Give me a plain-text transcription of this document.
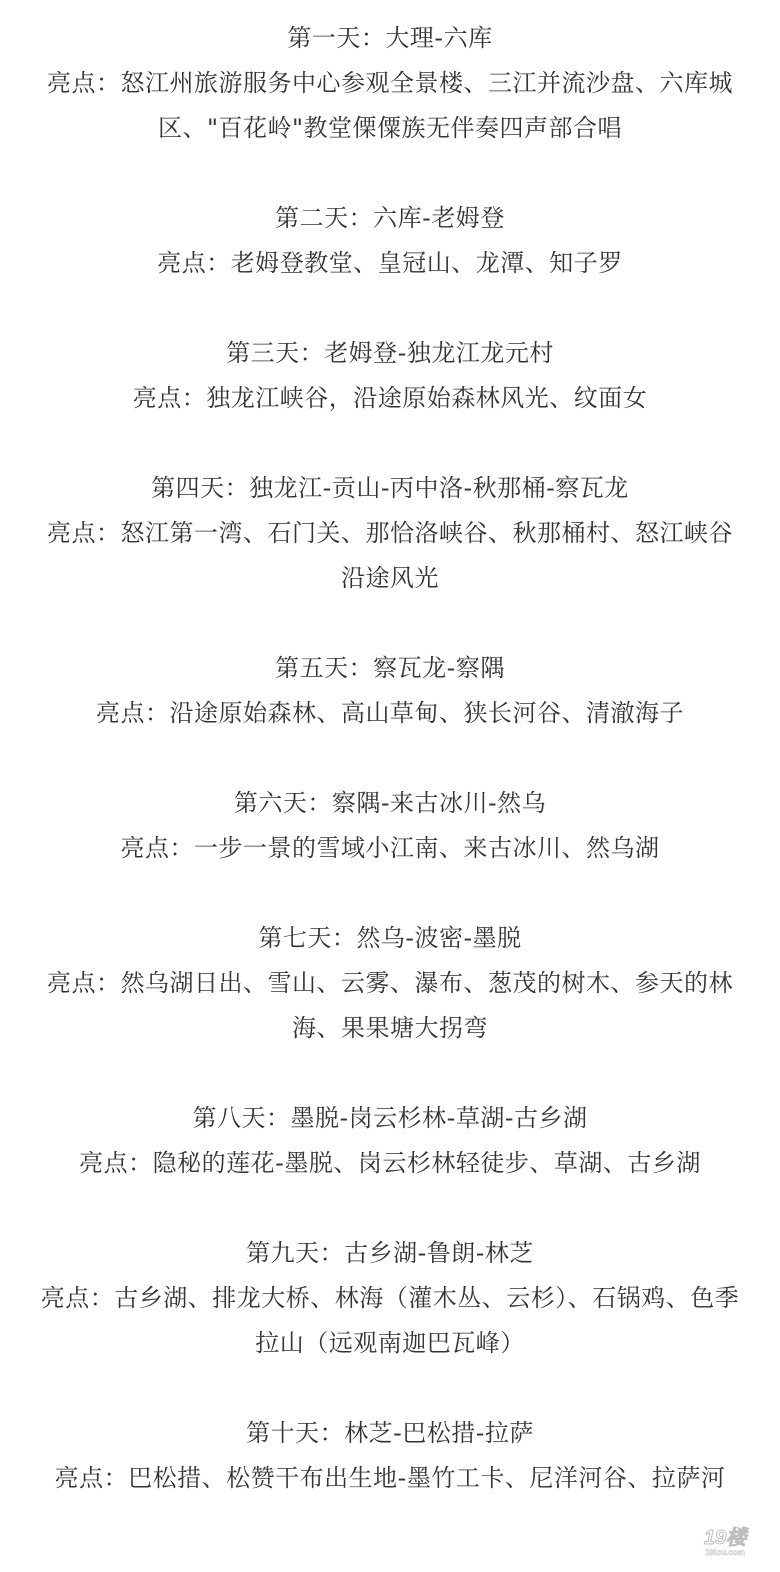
第一天：大理-六库

亮点：怒江州旅游服务中心参观全景楼、三江并流沙盘、六库城区、"百花岭"教堂傈僳族无伴奏四声部合唱

第二天：六库-老姆登

亮点：老姆登教堂、皇冠山、龙潭、知子罗

第三天：老姆登-独龙江龙元村

亮点：独龙江峡谷，沿途原始森林风光、纹面女

第四天：独龙江-贡山-丙中洛-秋那桶-察瓦龙

亮点：怒江第一湾、石门关、那恰洛峡谷、秋那桶村、怒江峡谷沿途风光

第五天：察瓦龙-察隅

亮点：沿途原始森林、高山草甸、狭长河谷、清澈海子

第六天：察隅-来古冰川-然乌

亮点：一步一景的雪域小江南、来古冰川、然乌湖

第七天：然乌-波密-墨脱

亮点：然乌湖日出、雪山、云雾、瀑布、葱茂的树木、参天的林海、果果塘大拐弯

第八天：墨脱-岗云杉林-草湖-古乡湖

亮点：隐秘的莲花-墨脱、岗云杉林轻徒步、草湖、古乡湖

第九天：古乡湖-鲁朗-林芝

亮点：古乡湖、排龙大桥、林海（灌木丛、云杉）、石锅鸡、色季拉山（远观南迦巴瓦峰）

第十天：林芝-巴松措-拉萨

亮点：巴松措、松赞干布出生地-墨竹工卡、尼洋河谷、拉萨河

19楼
19lou.com
